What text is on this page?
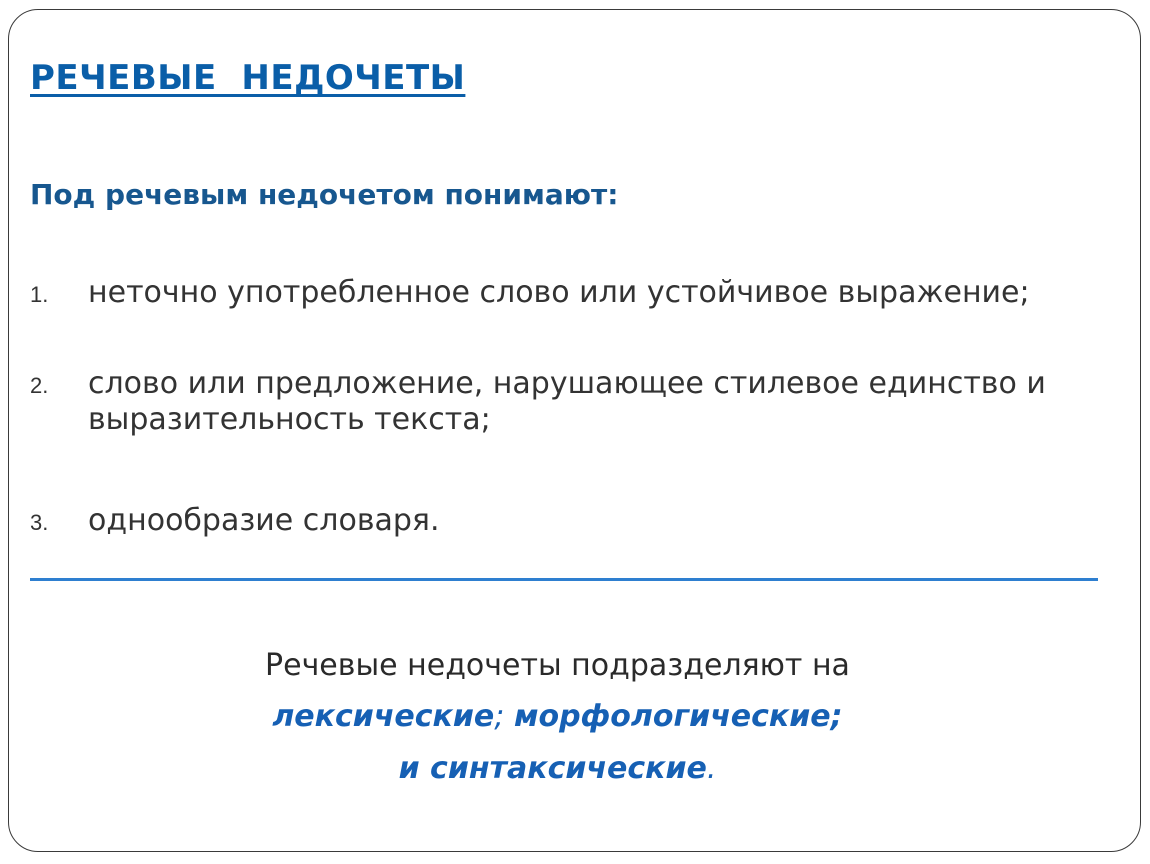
РЕЧЕВЫЕ  НЕДОЧЕТЫ
Под речевым недочетом понимают:
1.	неточно употребленное слово или устойчивое выражение;
2.	слово или предложение, нарушающее стилевое единство и выразительность текста;
3.	однообразие словаря.
Речевые недочеты подразделяют на
лексические; морфологические;
и синтаксические.
